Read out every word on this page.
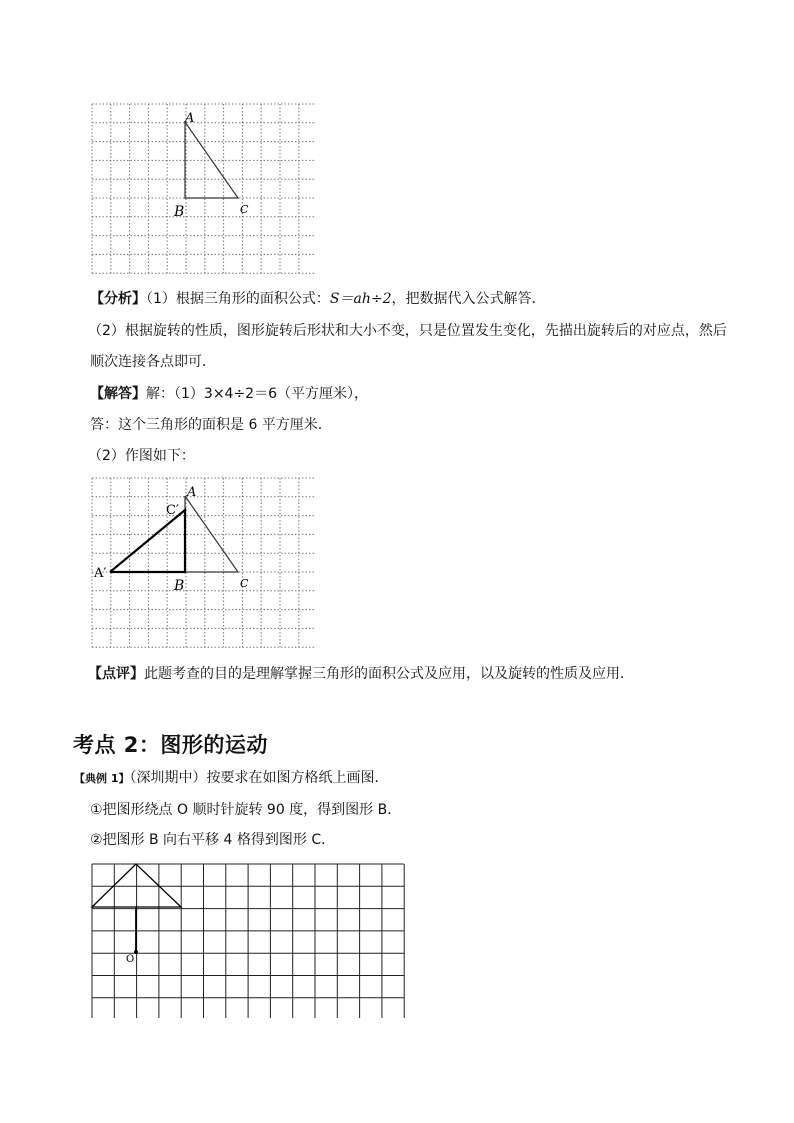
A
B	C
【分析】（1）根据三角形的面积公式：S＝ah÷2，把数据代入公式解答．
（2）根据旋转的性质，图形旋转后形状和大小不变，只是位置发生变化，先描出旋转后的对应点，然后
顺次连接各点即可．
【解答】解：（1）3×4÷2＝6（平方厘米），
答：这个三角形的面积是 6 平方厘米．
（2）作图如下：
A
B	C
C′
A′
【点评】此题考查的目的是理解掌握三角形的面积公式及应用，以及旋转的性质及应用．
考点 2：图形的运动
【典例 1】（深圳期中）按要求在如图方格纸上画图．
①把图形绕点 O 顺时针旋转 90 度，得到图形 B．
②把图形 B 向右平移 4 格得到图形 C．
O
